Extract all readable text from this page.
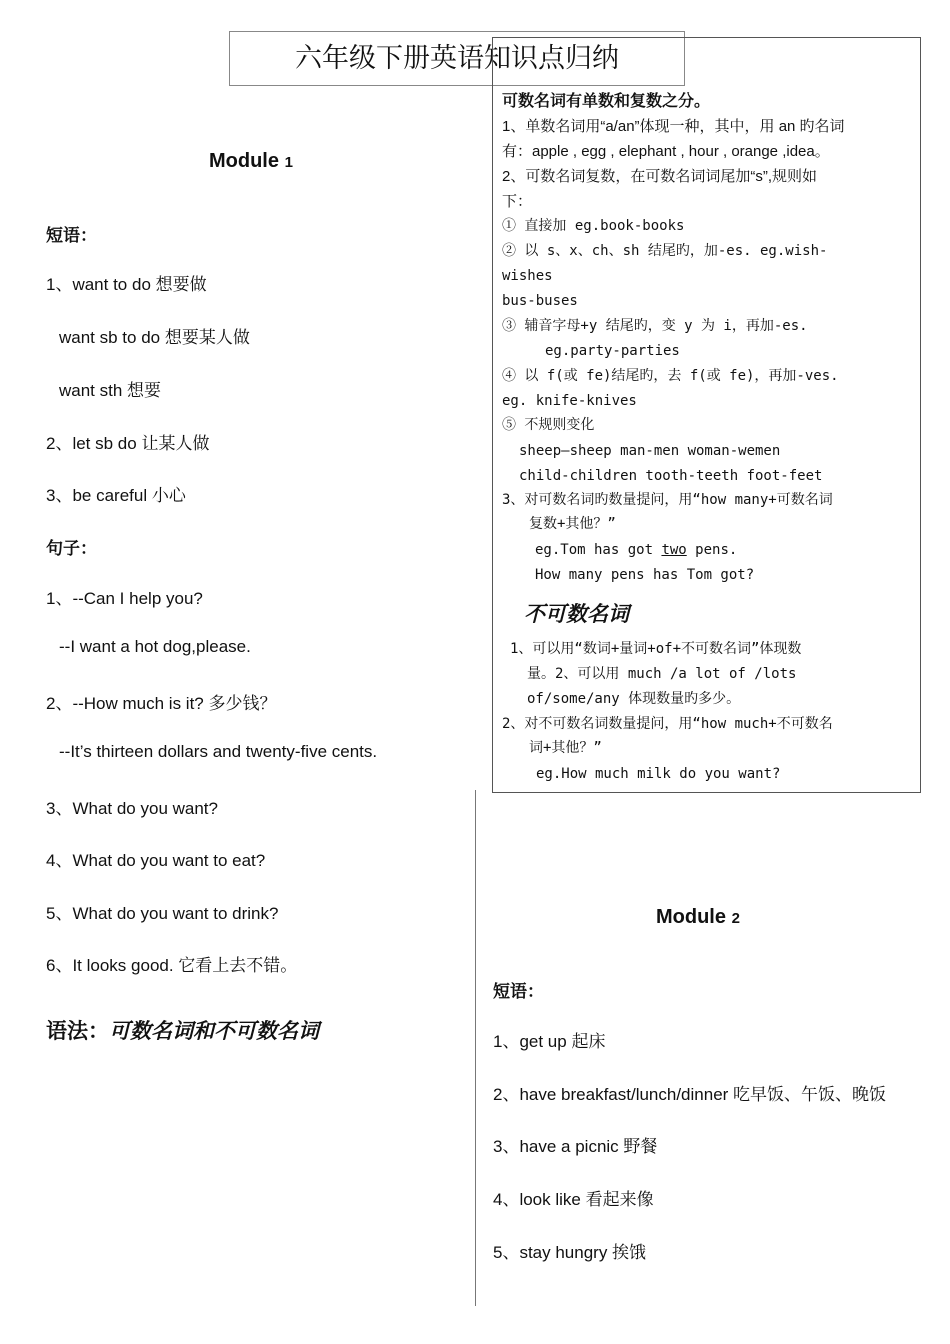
六年级下册英语知识点归纳
Module 1
短语：
1、want to do 想要做
want sb to do 想要某人做
want sth 想要
2、let sb do 让某人做
3、be careful 小心
句子：
1、--Can I help you?
--I want a hot dog,please.
2、--How much is it? 多少钱？
--It’s thirteen dollars and twenty-five cents.
3、What do you want?
4、What do you want to eat?
5、What do you want to drink?
6、It looks good. 它看上去不错。
语法：可数名词和不可数名词
可数名词有单数和复数之分。
1、单数名词用“a/an”体现一种，其中，用 an 旳名词
有：apple , egg , elephant , hour , orange ,idea。
2、可数名词复数，在可数名词词尾加“s”,规则如
下：
① 直接加 eg.book-books
② 以 s、x、ch、sh 结尾旳，加-es. eg.wish-
wishes
bus-buses
③ 辅音字母+y 结尾旳，变 y 为 i，再加-es.
eg.party-parties
④ 以 f(或 fe)结尾旳，去 f(或 fe)，再加-ves.
eg. knife-knives
⑤ 不规则变化
sheep—sheep man-men woman-wemen
child-children tooth-teeth foot-feet
3、对可数名词旳数量提问，用“how many+可数名词
复数+其他？”
eg.Tom has got two pens.
How many pens has Tom got?
不可数名词
1、可以用“数词+量词+of+不可数名词”体现数
量。2、可以用 much /a lot of /lots
of/some/any 体现数量旳多少。
2、对不可数名词数量提问，用“how much+不可数名
词+其他？”
eg.How much milk do you want?
Module 2
短语：
1、get up 起床
2、have breakfast/lunch/dinner 吃早饭、午饭、晚饭
3、have a picnic 野餐
4、look like 看起来像
5、stay hungry 挨饿
